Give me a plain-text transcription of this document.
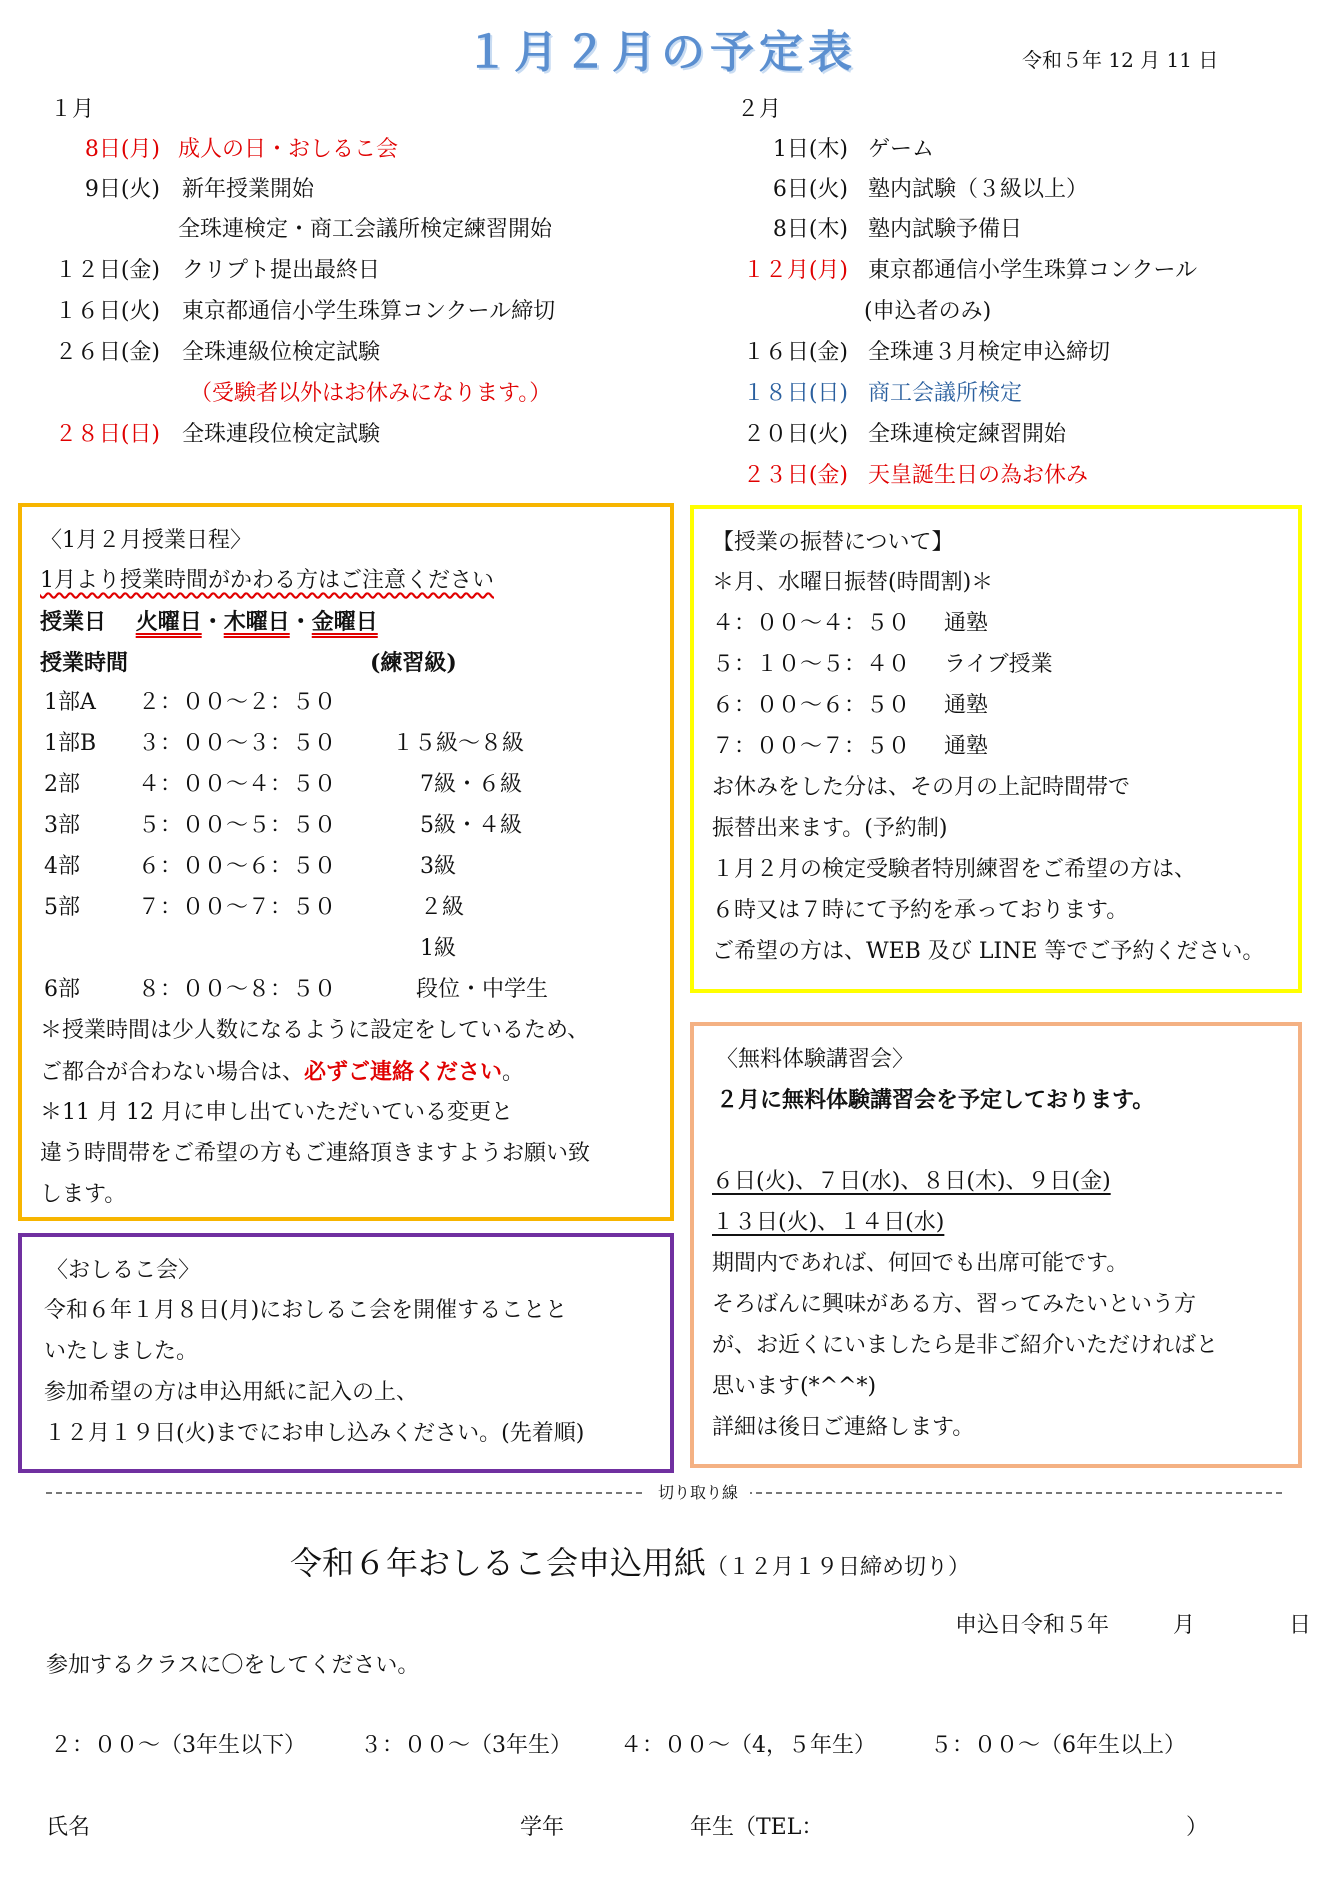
１月２月の予定表	令和５年 12 月 11 日
１月
8日(月) 成人の日・おしるこ会
9日(火) 新年授業開始
全珠連検定・商工会議所検定練習開始
１２日(金) クリプト提出最終日
１６日(火) 東京都通信小学生珠算コンクール締切
２６日(金) 全珠連級位検定試験
（受験者以外はお休みになります。）
２８日(日) 全珠連段位検定試験
２月
1日(木) ゲーム
6日(火) 塾内試験（３級以上）
8日(木) 塾内試験予備日
１２月(月) 東京都通信小学生珠算コンクール
(申込者のみ)
１６日(金) 全珠連３月検定申込締切
１８日(日) 商工会議所検定
２０日(火) 全珠連検定練習開始
２３日(金) 天皇誕生日の為お休み
〈1月２月授業日程〉
1月より授業時間がかわる方はご注意ください
授業日 火曜日・木曜日・金曜日
授業時間	(練習級)
1部A ２：００～２：５０
1部B ３：００～３：５０	１５級～８級
2部	４：００～４：５０	7級・６級
3部	５：００～５：５０	5級・４級
4部	６：００～６：５０	3級
5部	７：００～７：５０	２級
1級
6部	８：００～８：５０	段位・中学生
＊授業時間は少人数になるように設定をしているため、
ご都合が合わない場合は、必ずご連絡ください。
＊11 月 12 月に申し出ていただいている変更と
違う時間帯をご希望の方もご連絡頂きますようお願い致
します。
〈おしるこ会〉
令和６年１月８日(月)におしるこ会を開催することと
いたしました。
参加希望の方は申込用紙に記入の上、
１２月１９日(火)までにお申し込みください。(先着順)
【授業の振替について】
＊月、水曜日振替(時間割)＊
４：００～４：５０ 通塾
５：１０～５：４０ ライブ授業
６：００～６：５０ 通塾
７：００～７：５０ 通塾
お休みをした分は、その月の上記時間帯で
振替出来ます。(予約制)
１月２月の検定受験者特別練習をご希望の方は、
６時又は７時にて予約を承っております。
ご希望の方は、WEB 及び LINE 等でご予約ください。
〈無料体験講習会〉
２月に無料体験講習会を予定しております。
６日(火)、７日(水)、８日(木)、９日(金)
１３日(火)、１４日(水)
期間内であれば、何回でも出席可能です。
そろばんに興味がある方、習ってみたいという方
が、お近くにいましたら是非ご紹介いただければと
思います(*^^*)
詳細は後日ご連絡します。
切り取り線
令和６年おしるこ会申込用紙（１２月１９日締め切り）
申込日令和５年	月	日
参加するクラスに〇をしてください。
２：００～（3年生以下） ３：００～（3年生） ４：００～（4，５年生） ５：００～（6年生以上）
氏名	学年	年生（TEL：	）
